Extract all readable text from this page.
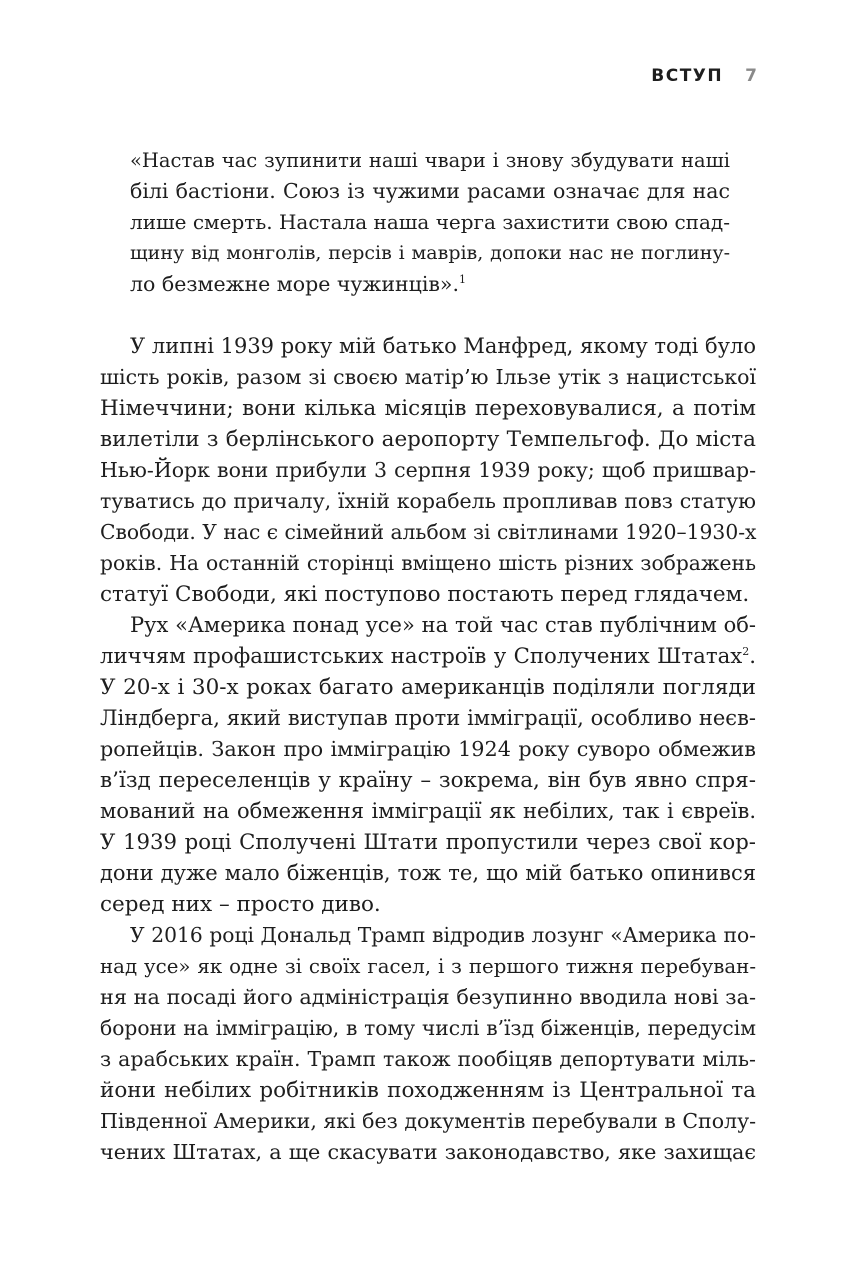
ВСТУП 7
«Настав час зупинити наші чвари і знову збудувати наші
білі бастіони. Союз із чужими расами означає для нас
лише смерть. Настала наша черга захистити свою спад-
щину від монголів, персів і маврів, допоки нас не поглину-
ло безмежне море чужинців».$^1$

У липні 1939 року мій батько Манфред, якому тоді було
шість років, разом зі своєю матір’ю Ільзе утік з нацистської
Німеччини; вони кілька місяців переховувалися, а потім
вилетіли з берлінського аеропорту Темпельгоф. До міста
Нью-Йорк вони прибули 3 серпня 1939 року; щоб пришвар-
туватись до причалу, їхній корабель пропливав повз статую
Свободи. У нас є сімейний альбом зі світлинами 1920–1930-х
років. На останній сторінці вміщено шість різних зображень
статуї Свободи, які поступово постають перед глядачем.

Рух «Америка понад усе» на той час став публічним об-
личчям профашистських настроїв у Сполучених Штатах$^2$.
У 20-х і 30-х роках багато американців поділяли погляди
Ліндберга, який виступав проти імміграції, особливо неєв-
ропейців. Закон про імміграцію 1924 року суворо обмежив
в’їзд переселенців у країну – зокрема, він був явно спря-
мований на обмеження імміграції як небілих, так і євреїв.
У 1939 році Сполучені Штати пропустили через свої кор-
дони дуже мало біженців, тож те, що мій батько опинився
серед них – просто диво.

У 2016 році Дональд Трамп відродив лозунг «Америка по-
над усе» як одне зі своїх гасел, і з першого тижня перебуван-
ня на посаді його адміністрація безупинно вводила нові за-
борони на імміграцію, в тому числі в’їзд біженців, передусім
з арабських країн. Трамп також пообіцяв депортувати міль-
йони небілих робітників походженням із Центральної та
Південної Америки, які без документів перебували в Сполу-
чених Штатах, а ще скасувати законодавство, яке захищає
